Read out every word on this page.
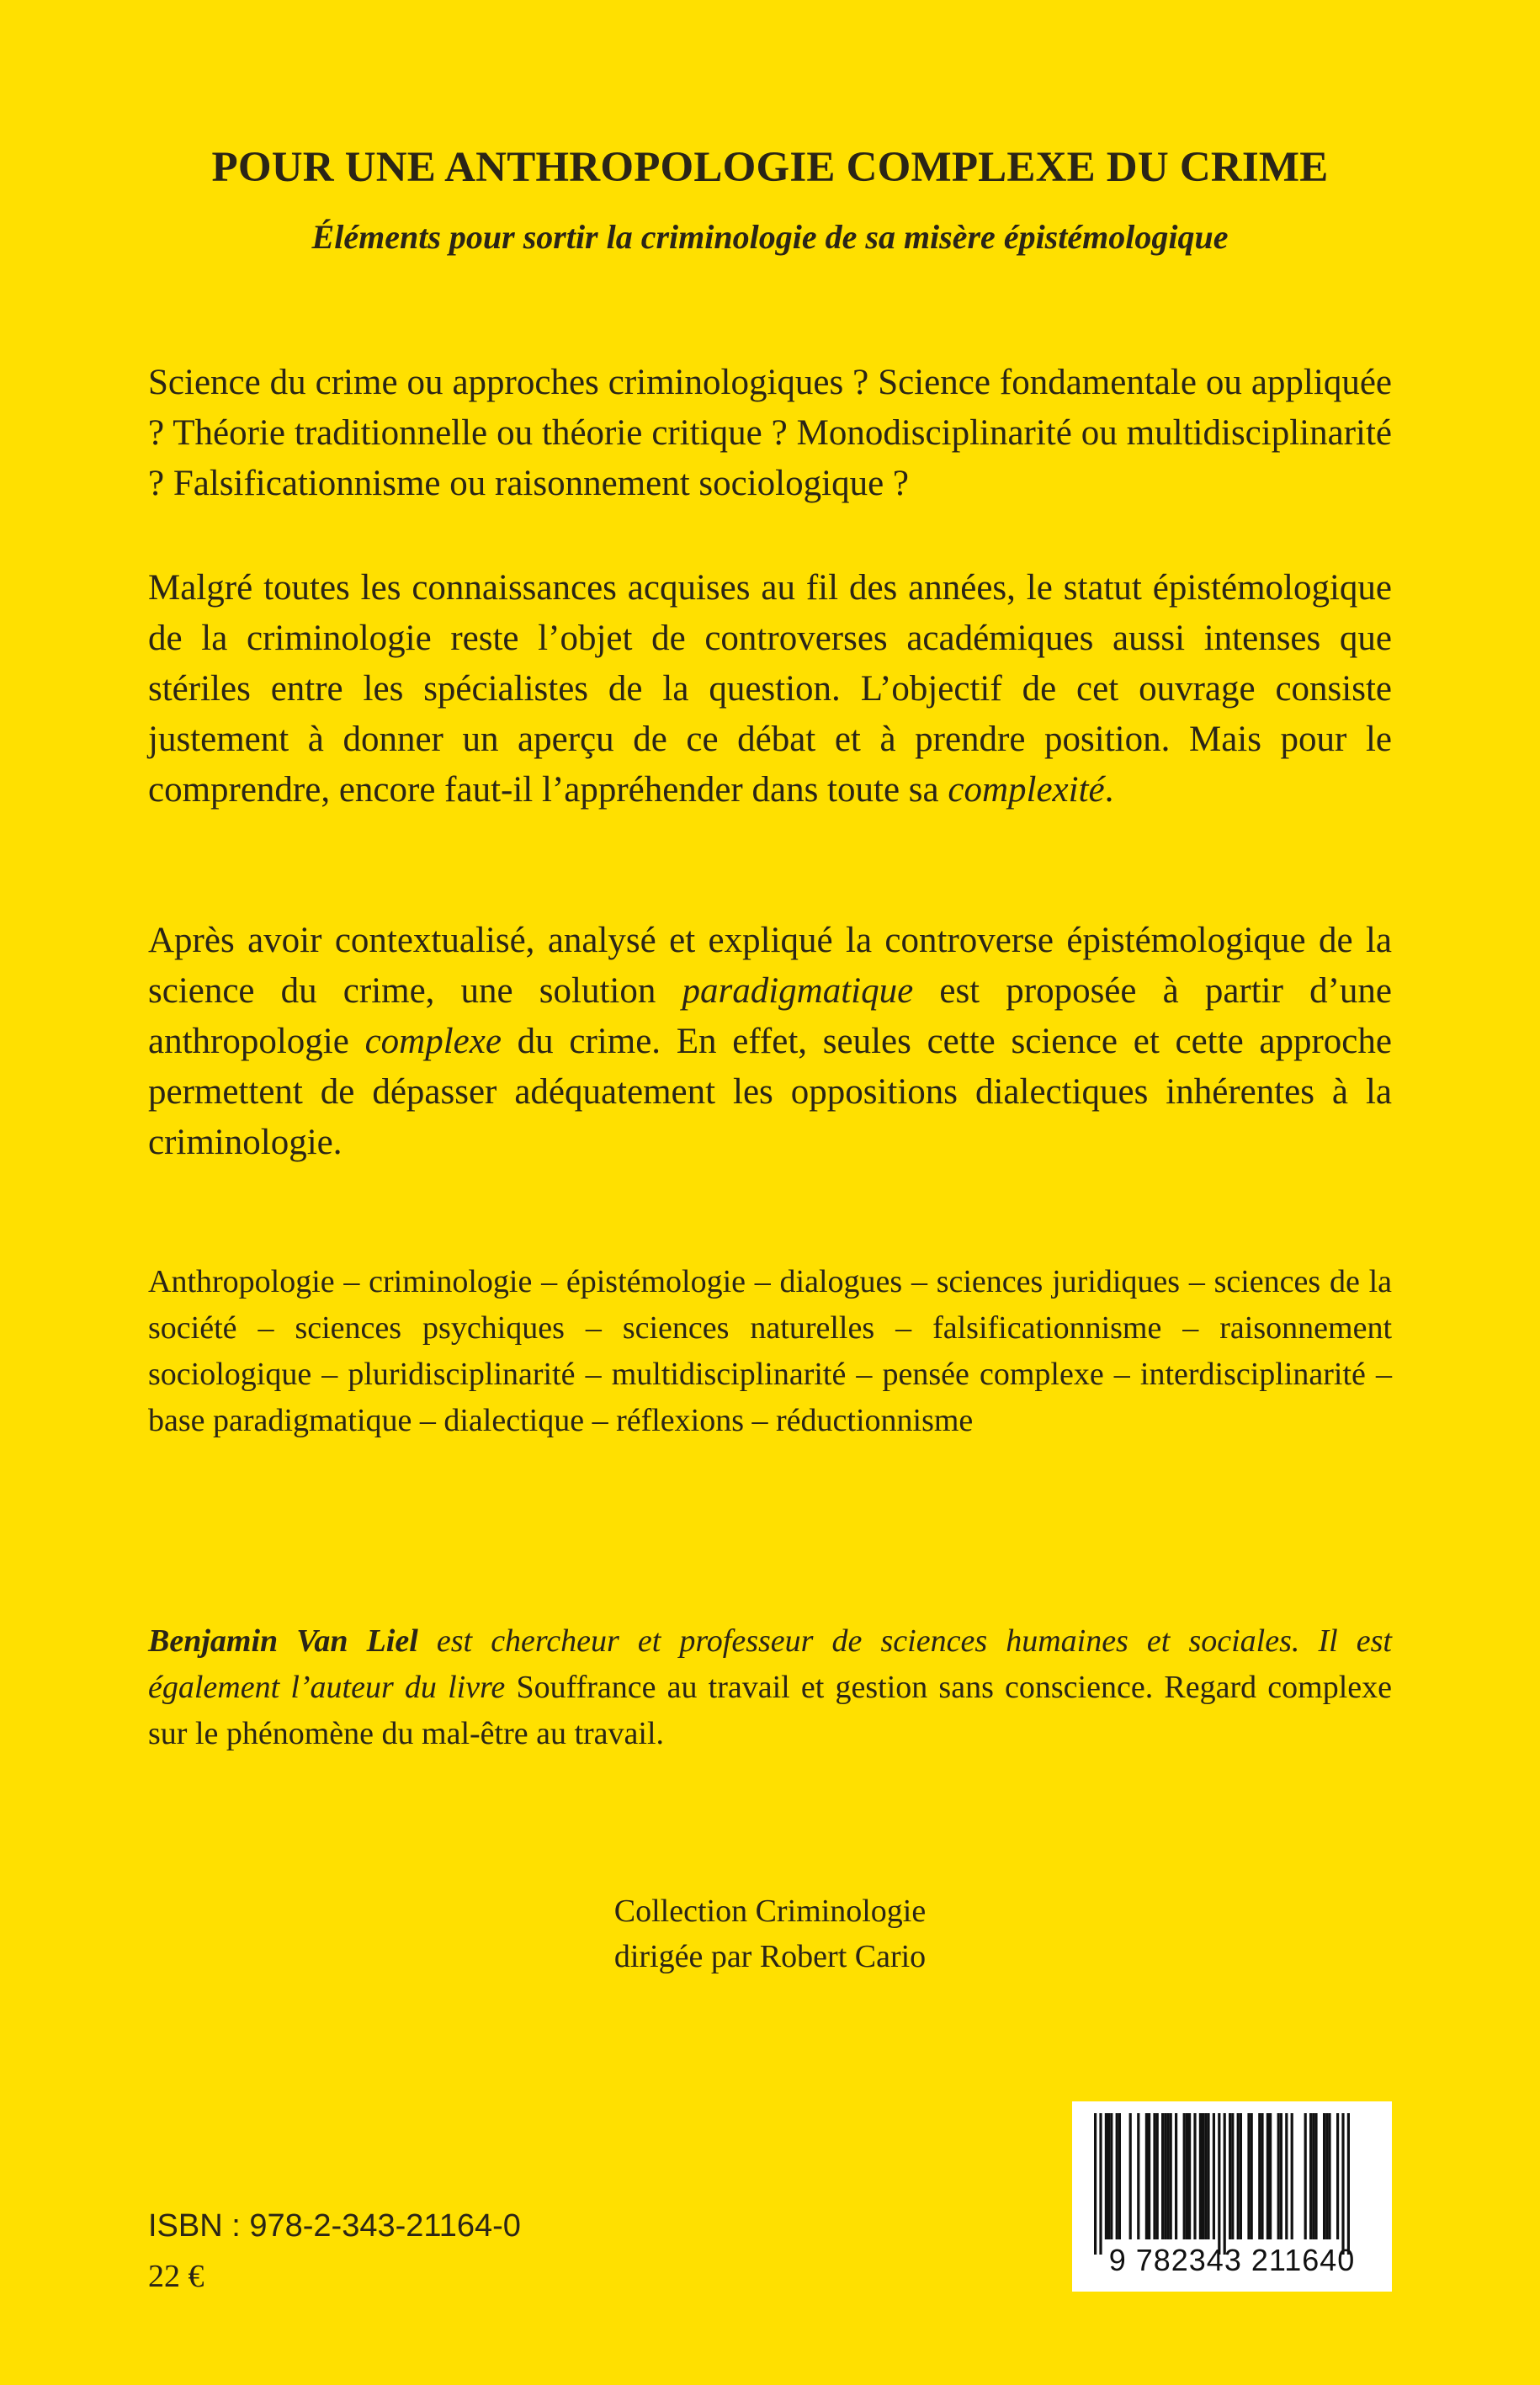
POUR UNE ANTHROPOLOGIE COMPLEXE DU CRIME
Éléments pour sortir la criminologie de sa misère épistémologique

Science du crime ou approches criminologiques ? Science fondamentale ou appliquée ? Théorie traditionnelle ou théorie critique ? Monodisciplinarité ou multidisciplinarité ? Falsificationnisme ou raisonnement sociologique ?

Malgré toutes les connaissances acquises au fil des années, le statut épistémologique de la criminologie reste l’objet de controverses académiques aussi intenses que stériles entre les spécialistes de la question. L’objectif de cet ouvrage consiste justement à donner un aperçu de ce débat et à prendre position. Mais pour le comprendre, encore faut-il l’appréhender dans toute sa complexité.

Après avoir contextualisé, analysé et expliqué la controverse épistémologique de la science du crime, une solution paradigmatique est proposée à partir d’une anthropologie complexe du crime. En effet, seules cette science et cette approche permettent de dépasser adéquatement les oppositions dialectiques inhérentes à la criminologie.

Anthropologie – criminologie – épistémologie – dialogues – sciences juridiques – sciences de la société – sciences psychiques – sciences naturelles – falsificationnisme – raisonnement sociologique – pluridisciplinarité – multidisciplinarité – pensée complexe – interdisciplinarité – base paradigmatique – dialectique – réflexions – réductionnisme

Benjamin Van Liel est chercheur et professeur de sciences humaines et sociales. Il est également l’auteur du livre Souffrance au travail et gestion sans conscience. Regard complexe sur le phénomène du mal-être au travail.

Collection Criminologie
dirigée par Robert Cario
ISBN : 978-2-343-21164-0
22 €	9 782343 211640
